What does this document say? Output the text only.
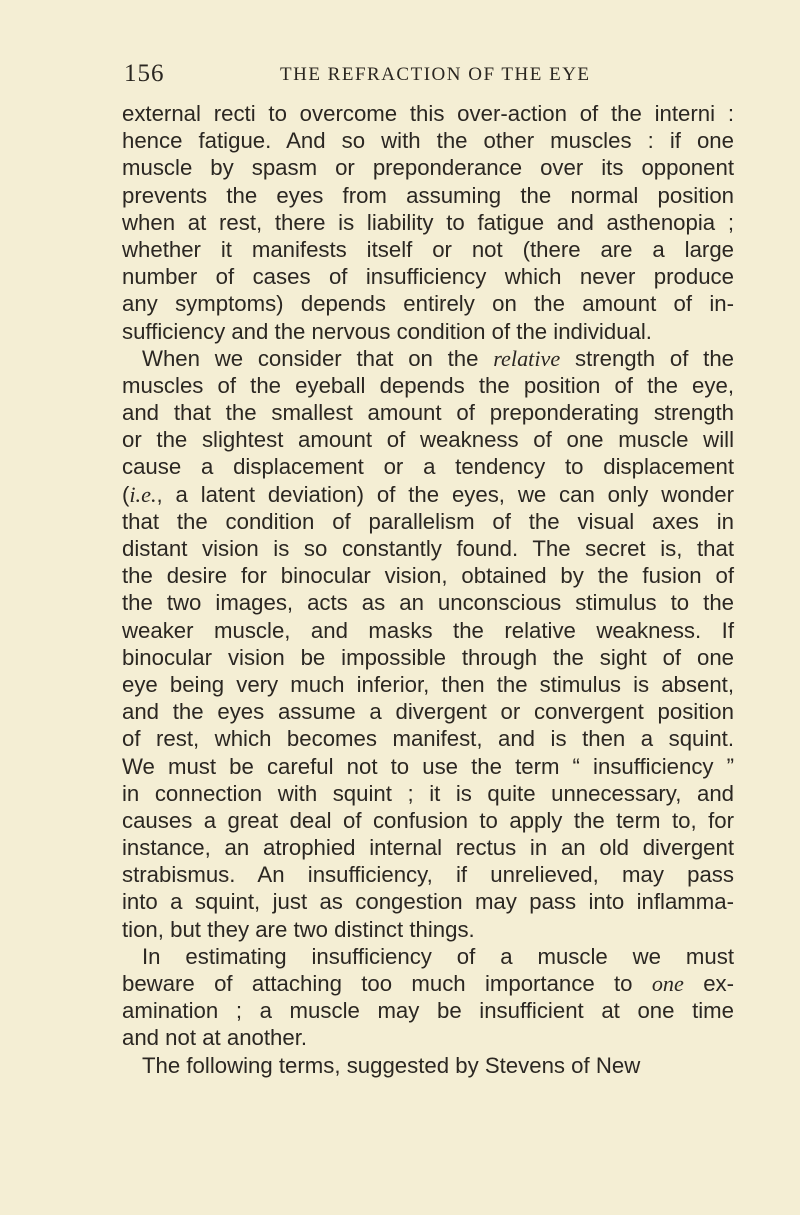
156	THE REFRACTION OF THE EYE
external recti to overcome this over-action of the interni :
hence fatigue. And so with the other muscles : if one
muscle by spasm or preponderance over its opponent
prevents the eyes from assuming the normal position
when at rest, there is liability to fatigue and asthenopia ;
whether it manifests itself or not (there are a large
number of cases of insufficiency which never produce
any symptoms) depends entirely on the amount of in-
sufficiency and the nervous condition of the individual.
When we consider that on the relative strength of the
muscles of the eyeball depends the position of the eye,
and that the smallest amount of preponderating strength
or the slightest amount of weakness of one muscle will
cause a displacement or a tendency to displacement
(i.e., a latent deviation) of the eyes, we can only wonder
that the condition of parallelism of the visual axes in
distant vision is so constantly found. The secret is, that
the desire for binocular vision, obtained by the fusion of
the two images, acts as an unconscious stimulus to the
weaker muscle, and masks the relative weakness. If
binocular vision be impossible through the sight of one
eye being very much inferior, then the stimulus is absent,
and the eyes assume a divergent or convergent position
of rest, which becomes manifest, and is then a squint.
We must be careful not to use the term “ insufficiency ”
in connection with squint ; it is quite unnecessary, and
causes a great deal of confusion to apply the term to, for
instance, an atrophied internal rectus in an old divergent
strabismus. An insufficiency, if unrelieved, may pass
into a squint, just as congestion may pass into inflamma-
tion, but they are two distinct things.
In estimating insufficiency of a muscle we must
beware of attaching too much importance to one ex-
amination ; a muscle may be insufficient at one time
and not at another.
The following terms, suggested by Stevens of New
